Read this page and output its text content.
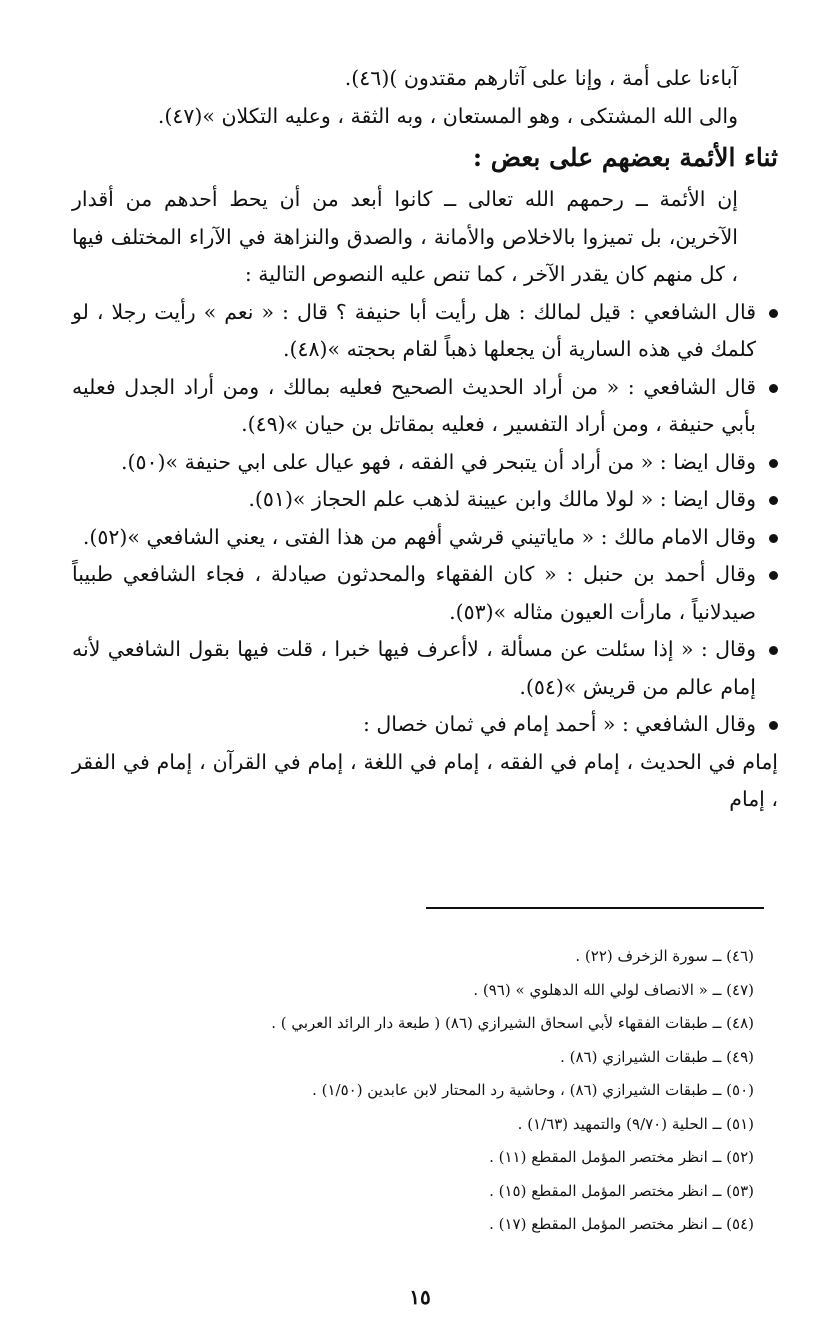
آباءنا على أمة ، وإنا على آثارهم مقتدون )(٤٦).

والى الله المشتكى ، وهو المستعان ، وبه الثقة ، وعليه التكلان »(٤٧).

ثناء الأئمة بعضهم على بعض :

إن الأئمة ــ رحمهم الله تعالى ــ كانوا أبعد من أن يحط أحدهم من أقدار الآخرين، بل تميزوا بالاخلاص والأمانة ، والصدق والنزاهة في الآراء المختلف فيها ، كل منهم كان يقدر الآخر ، كما تنص عليه النصوص التالية :

قال الشافعي : قيل لمالك : هل رأيت أبا حنيفة ؟ قال : « نعم » رأيت رجلا ، لو كلمك في هذه السارية أن يجعلها ذهباً لقام بحجته »(٤٨).

قال الشافعي : « من أراد الحديث الصحيح فعليه بمالك ، ومن أراد الجدل فعليه بأبي حنيفة ، ومن أراد التفسير ، فعليه بمقاتل بن حيان »(٤٩).

وقال ايضا : « من أراد أن يتبحر في الفقه ، فهو عيال على ابي حنيفة »(٥٠).

وقال ايضا : « لولا مالك وابن عيينة لذهب علم الحجاز »(٥١).

وقال الامام مالك : « ماياتيني قرشي أفهم من هذا الفتى ، يعني الشافعي »(٥٢).

وقال أحمد بن حنبل : « كان الفقهاء والمحدثون صيادلة ، فجاء الشافعي طبيباً صيدلانياً ، مارأت العيون مثاله »(٥٣).

وقال : « إذا سئلت عن مسألة ، لاأعرف فيها خبرا ، قلت فيها بقول الشافعي لأنه إمام عالم من قريش »(٥٤).

وقال الشافعي : « أحمد إمام في ثمان خصال :

إمام في الحديث ، إمام في الفقه ، إمام في اللغة ، إمام في القرآن ، إمام في الفقر ، إمام

(٤٦) ــ سورة الزخرف (٢٢) .
(٤٧) ــ « الانصاف لولي الله الدهلوي » (٩٦) .
(٤٨) ــ طبقات الفقهاء لأبي اسحاق الشيرازي (٨٦) ( طبعة دار الرائد العربي ) .
(٤٩) ــ طبقات الشيرازي (٨٦) .
(٥٠) ــ طبقات الشيرازي (٨٦) ، وحاشية رد المحتار لابن عابدين (١/٥٠) .
(٥١) ــ الحلية (٩/٧٠) والتمهيد (١/٦٣) .
(٥٢) ــ انظر مختصر المؤمل المقطع (١١) .
(٥٣) ــ انظر مختصر المؤمل المقطع (١٥) .
(٥٤) ــ انظر مختصر المؤمل المقطع (١٧) .
١٥
